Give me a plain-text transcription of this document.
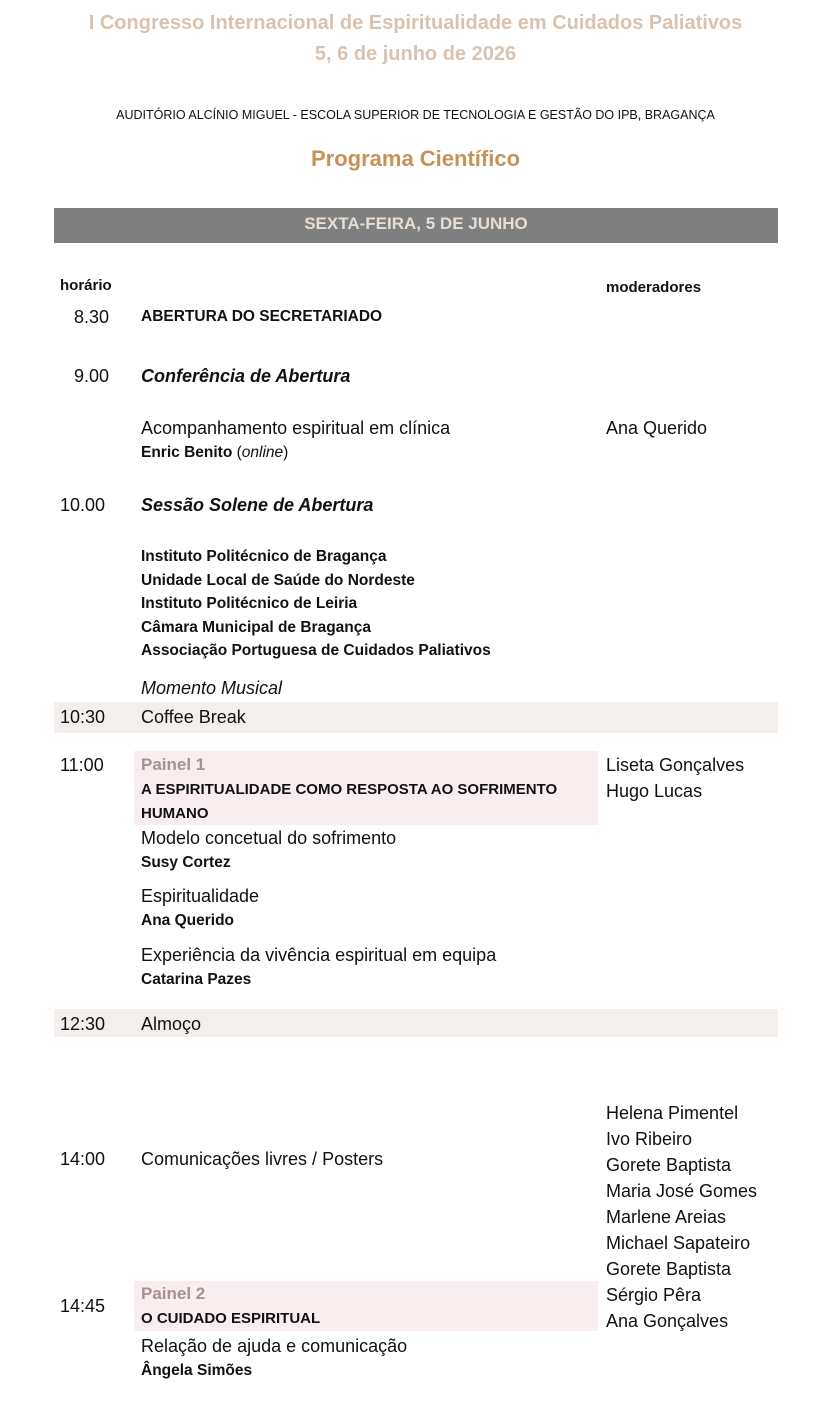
I Congresso Internacional de Espiritualidade em Cuidados Paliativos
5, 6 de junho de 2026
AUDITÓRIO ALCÍNIO MIGUEL - ESCOLA SUPERIOR DE TECNOLOGIA E GESTÃO DO IPB, BRAGANÇA
Programa Científico
SEXTA-FEIRA, 5 DE JUNHO
horário	moderadores
8.30 ABERTURA DO SECRETARIADO
9.00 Conferência de Abertura
Acompanhamento espiritual em clínica
Enric Benito (online)
Ana Querido
10.00 Sessão Solene de Abertura
Instituto Politécnico de Bragança
Unidade Local de Saúde do Nordeste
Instituto Politécnico de Leiria
Câmara Municipal de Bragança
Associação Portuguesa de Cuidados Paliativos
Momento Musical
10:30 Coffee Break
11:00 Painel 1
A ESPIRITUALIDADE COMO RESPOSTA AO SOFRIMENTO HUMANO
Liseta Gonçalves
Hugo Lucas
Modelo concetual do sofrimento
Susy Cortez
Espiritualidade
Ana Querido
Experiência da vivência espiritual em equipa
Catarina Pazes
12:30 Almoço
14:00 Comunicações livres / Posters
Helena Pimentel
Ivo Ribeiro
Gorete Baptista
Maria José Gomes
Marlene Areias
Michael Sapateiro
Gorete Baptista
14:45
Painel 2
O CUIDADO ESPIRITUAL
Sérgio Pêra
Ana Gonçalves
Relação de ajuda e comunicação
Ângela Simões
